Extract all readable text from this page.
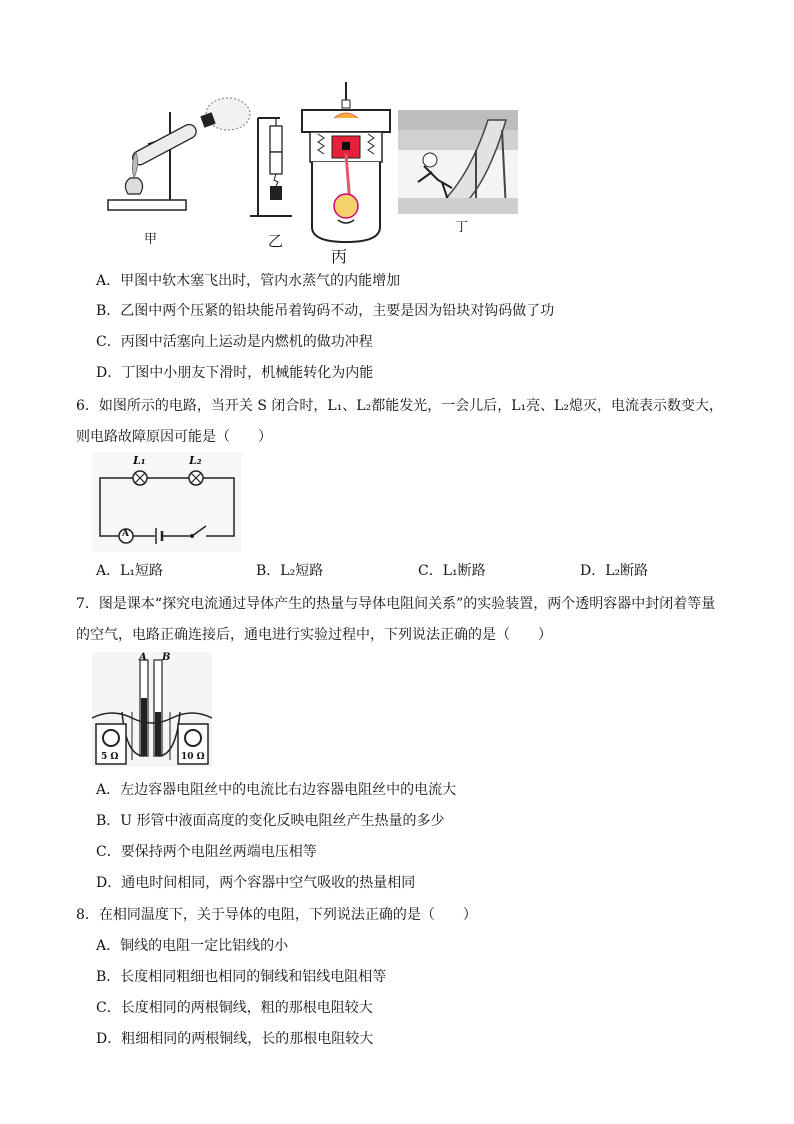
甲	乙
丙
丁
A．甲图中软木塞飞出时，管内水蒸气的内能增加
B．乙图中两个压紧的铅块能吊着钩码不动，主要是因为铅块对钩码做了功
C．丙图中活塞向上运动是内燃机的做功冲程
D．丁图中小朋友下滑时，机械能转化为内能
6．如图所示的电路，当开关 S 闭合时，L₁、L₂都能发光，一会儿后，L₁亮、L₂熄灭，电流表示数变大，
则电路故障原因可能是（　　）
L₁	L₂
A
A．L₁短路	B．L₂短路	C．L₁断路	D．L₂断路
7．图是课本“探究电流通过导体产生的热量与导体电阻间关系”的实验装置，两个透明容器中封闭着等量
的空气，电路正确连接后，通电进行实验过程中，下列说法正确的是（　　）
A B
5 Ω	10 Ω
A．左边容器电阻丝中的电流比右边容器电阻丝中的电流大
B．U 形管中液面高度的变化反映电阻丝产生热量的多少
C．要保持两个电阻丝两端电压相等
D．通电时间相同，两个容器中空气吸收的热量相同
8．在相同温度下，关于导体的电阻，下列说法正确的是（　　）
A．铜线的电阻一定比铝线的小
B．长度相同粗细也相同的铜线和铝线电阻相等
C．长度相同的两根铜线，粗的那根电阻较大
D．粗细相同的两根铜线，长的那根电阻较大
